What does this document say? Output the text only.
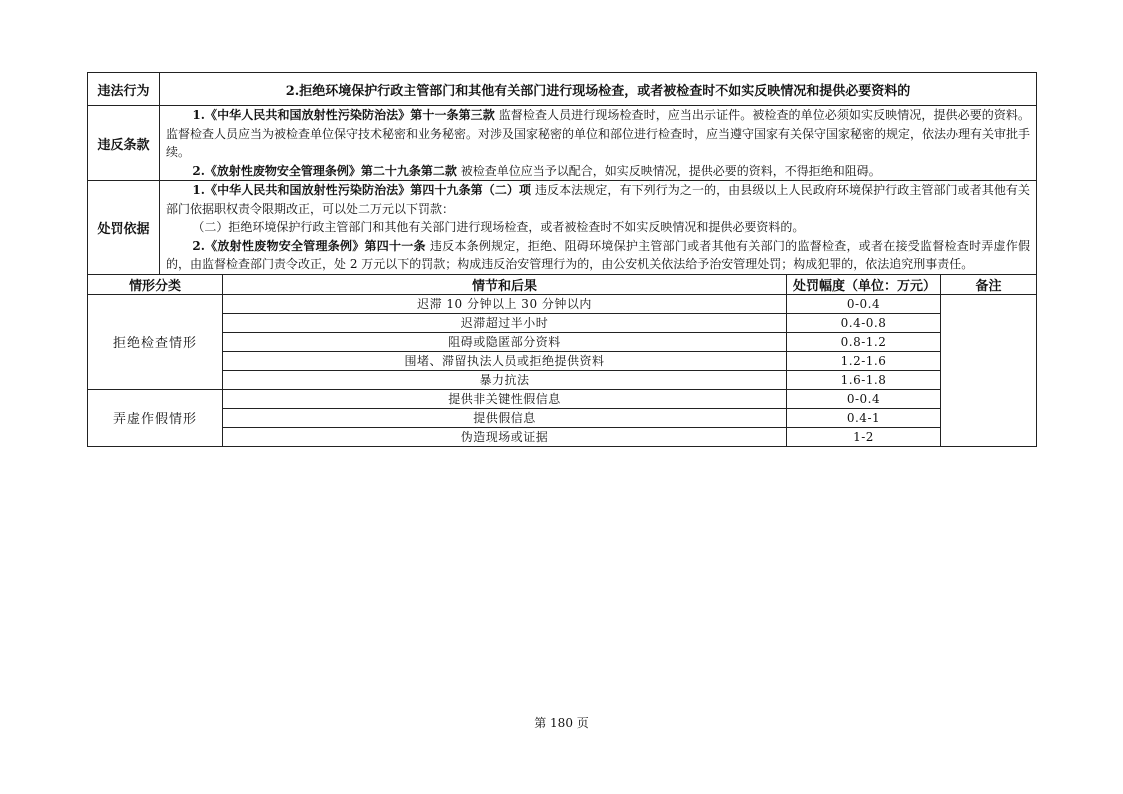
违法行为	2.拒绝环境保护行政主管部门和其他有关部门进行现场检查，或者被检查时不如实反映情况和提供必要资料的			
违反条款	1.《中华人民共和国放射性污染防治法》第十一条第三款 监督检查人员进行现场检查时，应当出示证件。被检查的单位必须如实反映情况，提供必要的资料。监督检查人员应当为被检查单位保守技术秘密和业务秘密。对涉及国家秘密的单位和部位进行检查时，应当遵守国家有关保守国家秘密的规定，依法办理有关审批手续。

2.《放射性废物安全管理条例》第二十九条第二款 被检查单位应当予以配合，如实反映情况，提供必要的资料，不得拒绝和阻碍。			

处罚依据	1.《中华人民共和国放射性污染防治法》第四十九条第（二）项 违反本法规定，有下列行为之一的，由县级以上人民政府环境保护行政主管部门或者其他有关部门依据职权责令限期改正，可以处二万元以下罚款：

（二）拒绝环境保护行政主管部门和其他有关部门进行现场检查，或者被检查时不如实反映情况和提供必要资料的。

2.《放射性废物安全管理条例》第四十一条 违反本条例规定，拒绝、阻碍环境保护主管部门或者其他有关部门的监督检查，或者在接受监督检查时弄虚作假的，由监督检查部门责令改正，处 2 万元以下的罚款；构成违反治安管理行为的，由公安机关依法给予治安管理处罚；构成犯罪的，依法追究刑事责任。			

情形分类		情节和后果	处罚幅度（单位：万元）	备注
拒绝检查情形		迟滞 10 分钟以上 30 分钟以内	0-0.4	
		迟滞超过半小时	0.4-0.8	
		阻碍或隐匿部分资料	0.8-1.2	
		围堵、滞留执法人员或拒绝提供资料	1.2-1.6	
		暴力抗法	1.6-1.8	
弄虚作假情形		提供非关键性假信息	0-0.4	
		提供假信息	0.4-1	
		伪造现场或证据	1-2	
第 180 页
